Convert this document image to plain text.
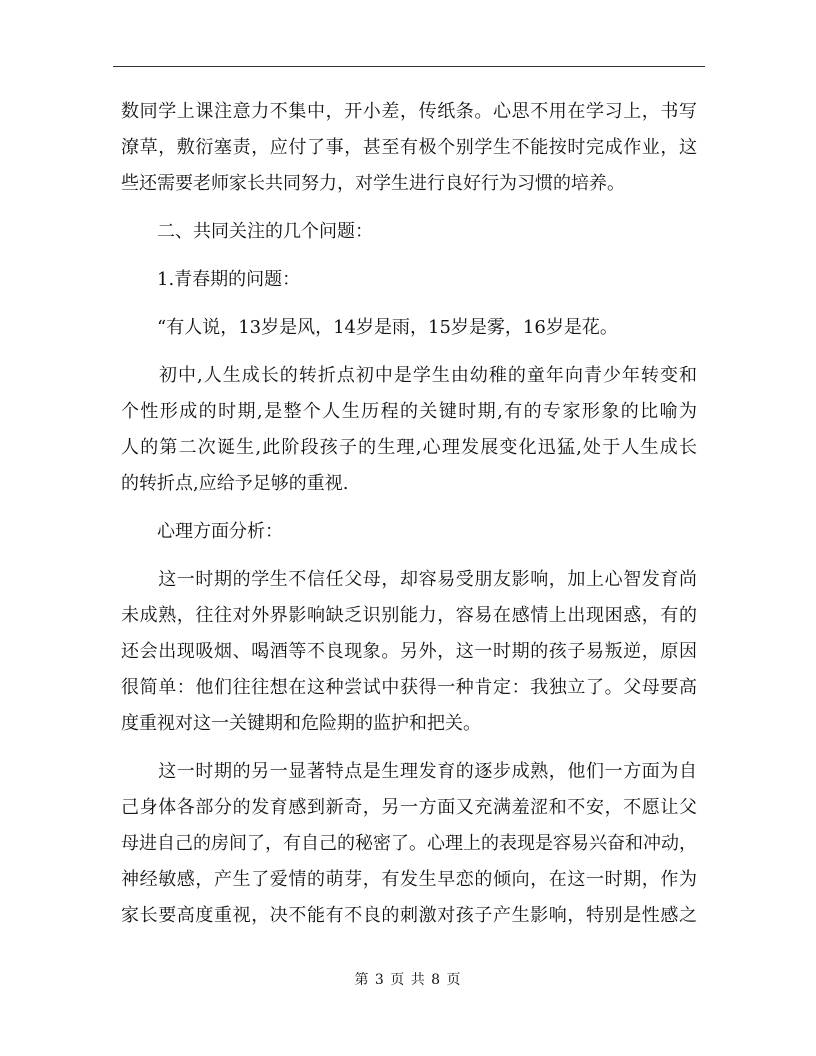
数同学上课注意力不集中，开小差，传纸条。心思不用在学习上，书写
潦草，敷衍塞责，应付了事，甚至有极个别学生不能按时完成作业，这
些还需要老师家长共同努力，对学生进行良好行为习惯的培养。
　　二、共同关注的几个问题：
　　1.青春期的问题：
　　“有人说，13岁是风，14岁是雨，15岁是雾，16岁是花。
　　初中,人生成长的转折点初中是学生由幼稚的童年向青少年转变和
个性形成的时期,是整个人生历程的关键时期,有的专家形象的比喻为
人的第二次诞生,此阶段孩子的生理,心理发展变化迅猛,处于人生成长
的转折点,应给予足够的重视.
　　心理方面分析：
　　这一时期的学生不信任父母，却容易受朋友影响，加上心智发育尚
未成熟，往往对外界影响缺乏识别能力，容易在感情上出现困惑，有的
还会出现吸烟、喝酒等不良现象。另外，这一时期的孩子易叛逆，原因
很简单：他们往往想在这种尝试中获得一种肯定：我独立了。父母要高
度重视对这一关键期和危险期的监护和把关。
　　这一时期的另一显著特点是生理发育的逐步成熟，他们一方面为自
己身体各部分的发育感到新奇，另一方面又充满羞涩和不安，不愿让父
母进自己的房间了，有自己的秘密了。心理上的表现是容易兴奋和冲动，
神经敏感，产生了爱情的萌芽，有发生早恋的倾向，在这一时期，作为
家长要高度重视，决不能有不良的刺激对孩子产生影响，特别是性感之
第 3 页 共 8 页
